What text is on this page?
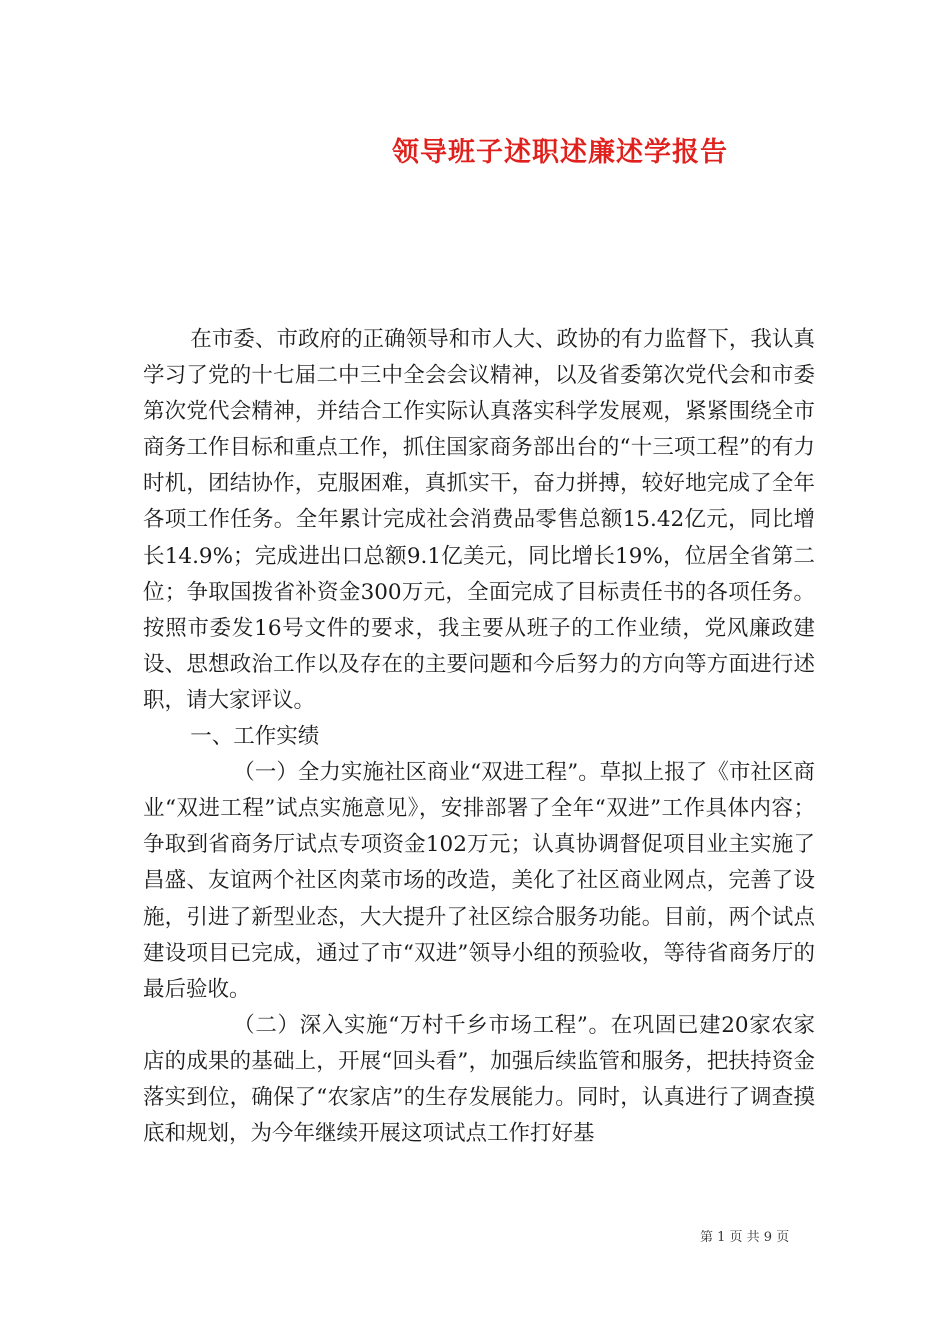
领导班子述职述廉述学报告

在市委、市政府的正确领导和市人大、政协的有力监督下，我认真学习了党的十七届二中三中全会会议精神，以及省委第次党代会和市委第次党代会精神，并结合工作实际认真落实科学发展观，紧紧围绕全市商务工作目标和重点工作，抓住国家商务部出台的“十三项工程”的有力时机，团结协作，克服困难，真抓实干，奋力拼搏，较好地完成了全年各项工作任务。全年累计完成社会消费品零售总额15.42亿元，同比增长14.9%；完成进出口总额9.1亿美元，同比增长19%，位居全省第二位；争取国拨省补资金300万元，全面完成了目标责任书的各项任务。按照市委发16号文件的要求，我主要从班子的工作业绩，党风廉政建设、思想政治工作以及存在的主要问题和今后努力的方向等方面进行述职，请大家评议。

一、工作实绩

（一）全力实施社区商业“双进工程”。草拟上报了《市社区商业“双进工程”试点实施意见》，安排部署了全年“双进”工作具体内容；争取到省商务厅试点专项资金102万元；认真协调督促项目业主实施了昌盛、友谊两个社区肉菜市场的改造，美化了社区商业网点，完善了设施，引进了新型业态，大大提升了社区综合服务功能。目前，两个试点建设项目已完成，通过了市“双进”领导小组的预验收，等待省商务厅的最后验收。

（二）深入实施“万村千乡市场工程”。在巩固已建20家农家店的成果的基础上，开展“回头看”，加强后续监管和服务，把扶持资金落实到位，确保了“农家店”的生存发展能力。同时，认真进行了调查摸底和规划，为今年继续开展这项试点工作打好基

第 1 页 共 9 页
